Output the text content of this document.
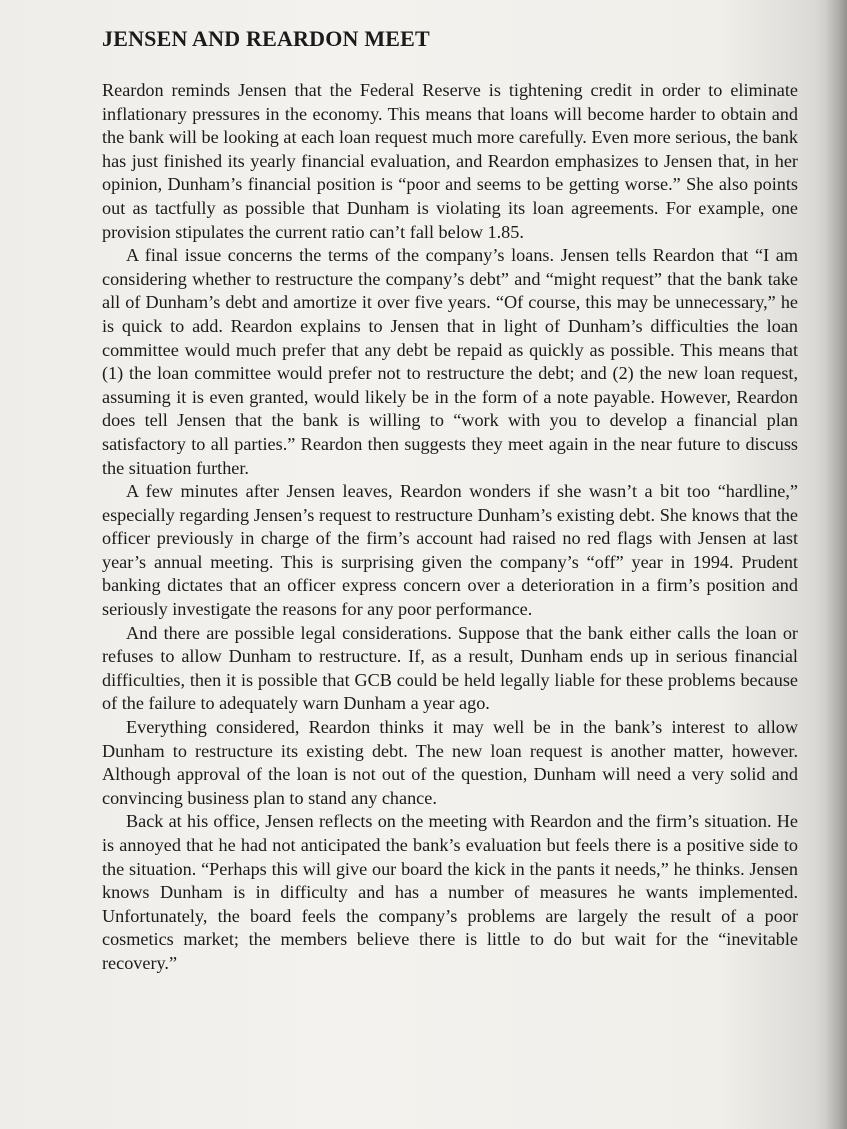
JENSEN AND REARDON MEET

Reardon reminds Jensen that the Federal Reserve is tightening credit in order to eliminate inflationary pressures in the economy. This means that loans will become harder to obtain and the bank will be looking at each loan request much more carefully. Even more serious, the bank has just finished its yearly financial evaluation, and Reardon emphasizes to Jensen that, in her opinion, Dunham’s financial position is “poor and seems to be getting worse.” She also points out as tactfully as possible that Dunham is violating its loan agreements. For example, one provision stipulates the current ratio can’t fall below 1.85.

A final issue concerns the terms of the company’s loans. Jensen tells Reardon that “I am considering whether to restructure the company’s debt” and “might request” that the bank take all of Dunham’s debt and amortize it over five years. “Of course, this may be unnecessary,” he is quick to add. Reardon explains to Jensen that in light of Dunham’s difficulties the loan committee would much prefer that any debt be repaid as quickly as possible. This means that (1) the loan committee would prefer not to restructure the debt; and (2) the new loan request, assuming it is even granted, would likely be in the form of a note payable. However, Reardon does tell Jensen that the bank is willing to “work with you to develop a financial plan satisfactory to all parties.” Reardon then suggests they meet again in the near future to discuss the situation further.

A few minutes after Jensen leaves, Reardon wonders if she wasn’t a bit too “hardline,” especially regarding Jensen’s request to restructure Dunham’s existing debt. She knows that the officer previously in charge of the firm’s account had raised no red flags with Jensen at last year’s annual meeting. This is surprising given the company’s “off” year in 1994. Prudent banking dictates that an officer express concern over a deterioration in a firm’s position and seriously investigate the reasons for any poor performance.

And there are possible legal considerations. Suppose that the bank either calls the loan or refuses to allow Dunham to restructure. If, as a result, Dunham ends up in serious financial difficulties, then it is possible that GCB could be held legally liable for these problems because of the failure to adequately warn Dunham a year ago.

Everything considered, Reardon thinks it may well be in the bank’s interest to allow Dunham to restructure its existing debt. The new loan request is another matter, however. Although approval of the loan is not out of the question, Dunham will need a very solid and convincing business plan to stand any chance.

Back at his office, Jensen reflects on the meeting with Reardon and the firm’s situation. He is annoyed that he had not anticipated the bank’s evaluation but feels there is a positive side to the situation. “Perhaps this will give our board the kick in the pants it needs,” he thinks. Jensen knows Dunham is in difficulty and has a number of measures he wants implemented. Unfortunately, the board feels the company’s problems are largely the result of a poor cosmetics market; the members believe there is little to do but wait for the “inevitable recovery.”
